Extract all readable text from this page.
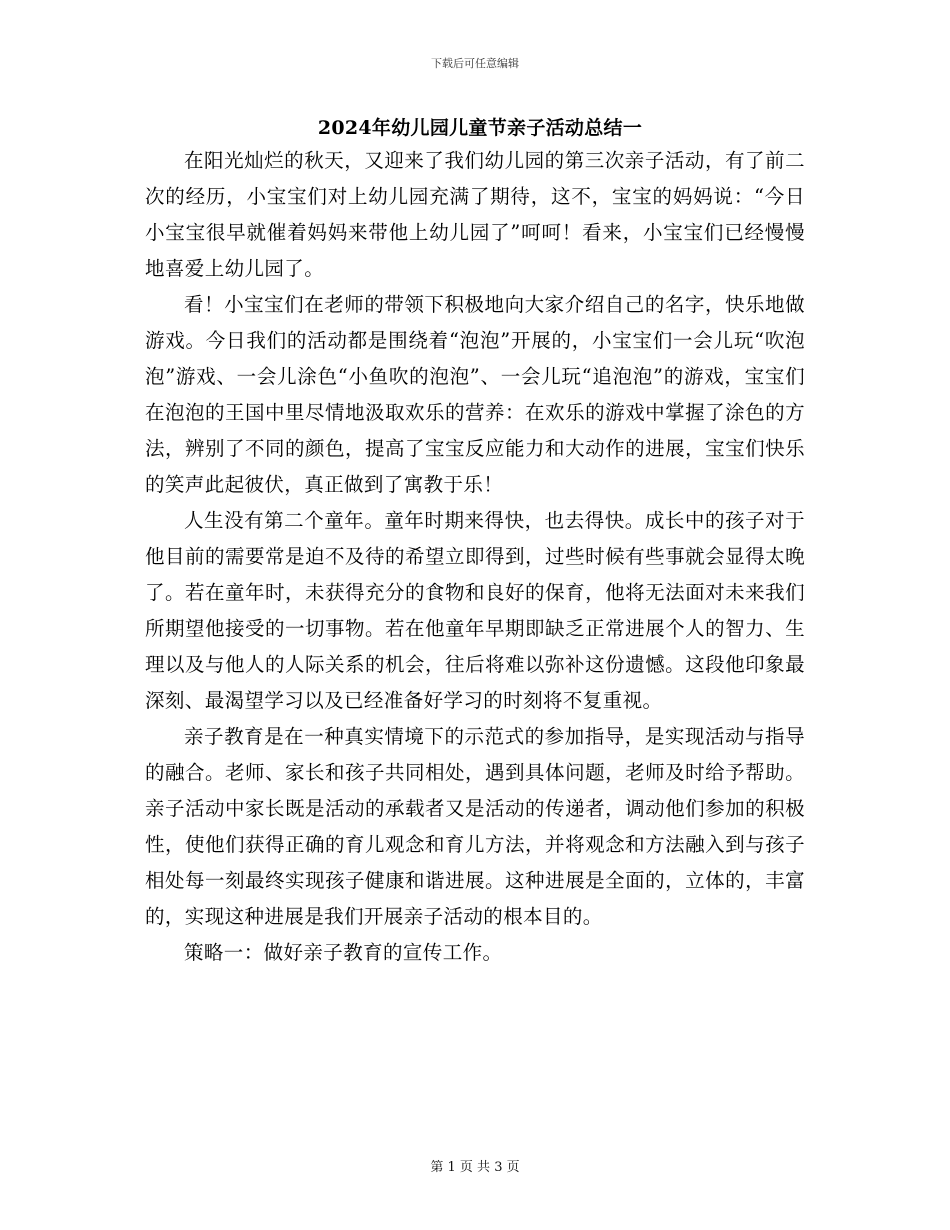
下载后可任意编辑
2024年幼儿园儿童节亲子活动总结一

在阳光灿烂的秋天，又迎来了我们幼儿园的第三次亲子活动，有了前二次的经历，小宝宝们对上幼儿园充满了期待，这不，宝宝的妈妈说：“今日小宝宝很早就催着妈妈来带他上幼儿园了”呵呵！看来，小宝宝们已经慢慢地喜爱上幼儿园了。

看！小宝宝们在老师的带领下积极地向大家介绍自己的名字，快乐地做游戏。今日我们的活动都是围绕着“泡泡”开展的，小宝宝们一会儿玩“吹泡泡”游戏、一会儿涂色“小鱼吹的泡泡”、一会儿玩“追泡泡”的游戏，宝宝们在泡泡的王国中里尽情地汲取欢乐的营养：在欢乐的游戏中掌握了涂色的方法，辨别了不同的颜色，提高了宝宝反应能力和大动作的进展，宝宝们快乐的笑声此起彼伏，真正做到了寓教于乐！

人生没有第二个童年。童年时期来得快，也去得快。成长中的孩子对于他目前的需要常是迫不及待的希望立即得到，过些时候有些事就会显得太晚了。若在童年时，未获得充分的食物和良好的保育，他将无法面对未来我们所期望他接受的一切事物。若在他童年早期即缺乏正常进展个人的智力、生理以及与他人的人际关系的机会，往后将难以弥补这份遗憾。这段他印象最深刻、最渴望学习以及已经准备好学习的时刻将不复重视。

亲子教育是在一种真实情境下的示范式的参加指导，是实现活动与指导的融合。老师、家长和孩子共同相处，遇到具体问题，老师及时给予帮助。亲子活动中家长既是活动的承载者又是活动的传递者，调动他们参加的积极性，使他们获得正确的育儿观念和育儿方法，并将观念和方法融入到与孩子相处每一刻最终实现孩子健康和谐进展。这种进展是全面的，立体的，丰富的，实现这种进展是我们开展亲子活动的根本目的。

策略一：做好亲子教育的宣传工作。

第 1 页 共 3 页
